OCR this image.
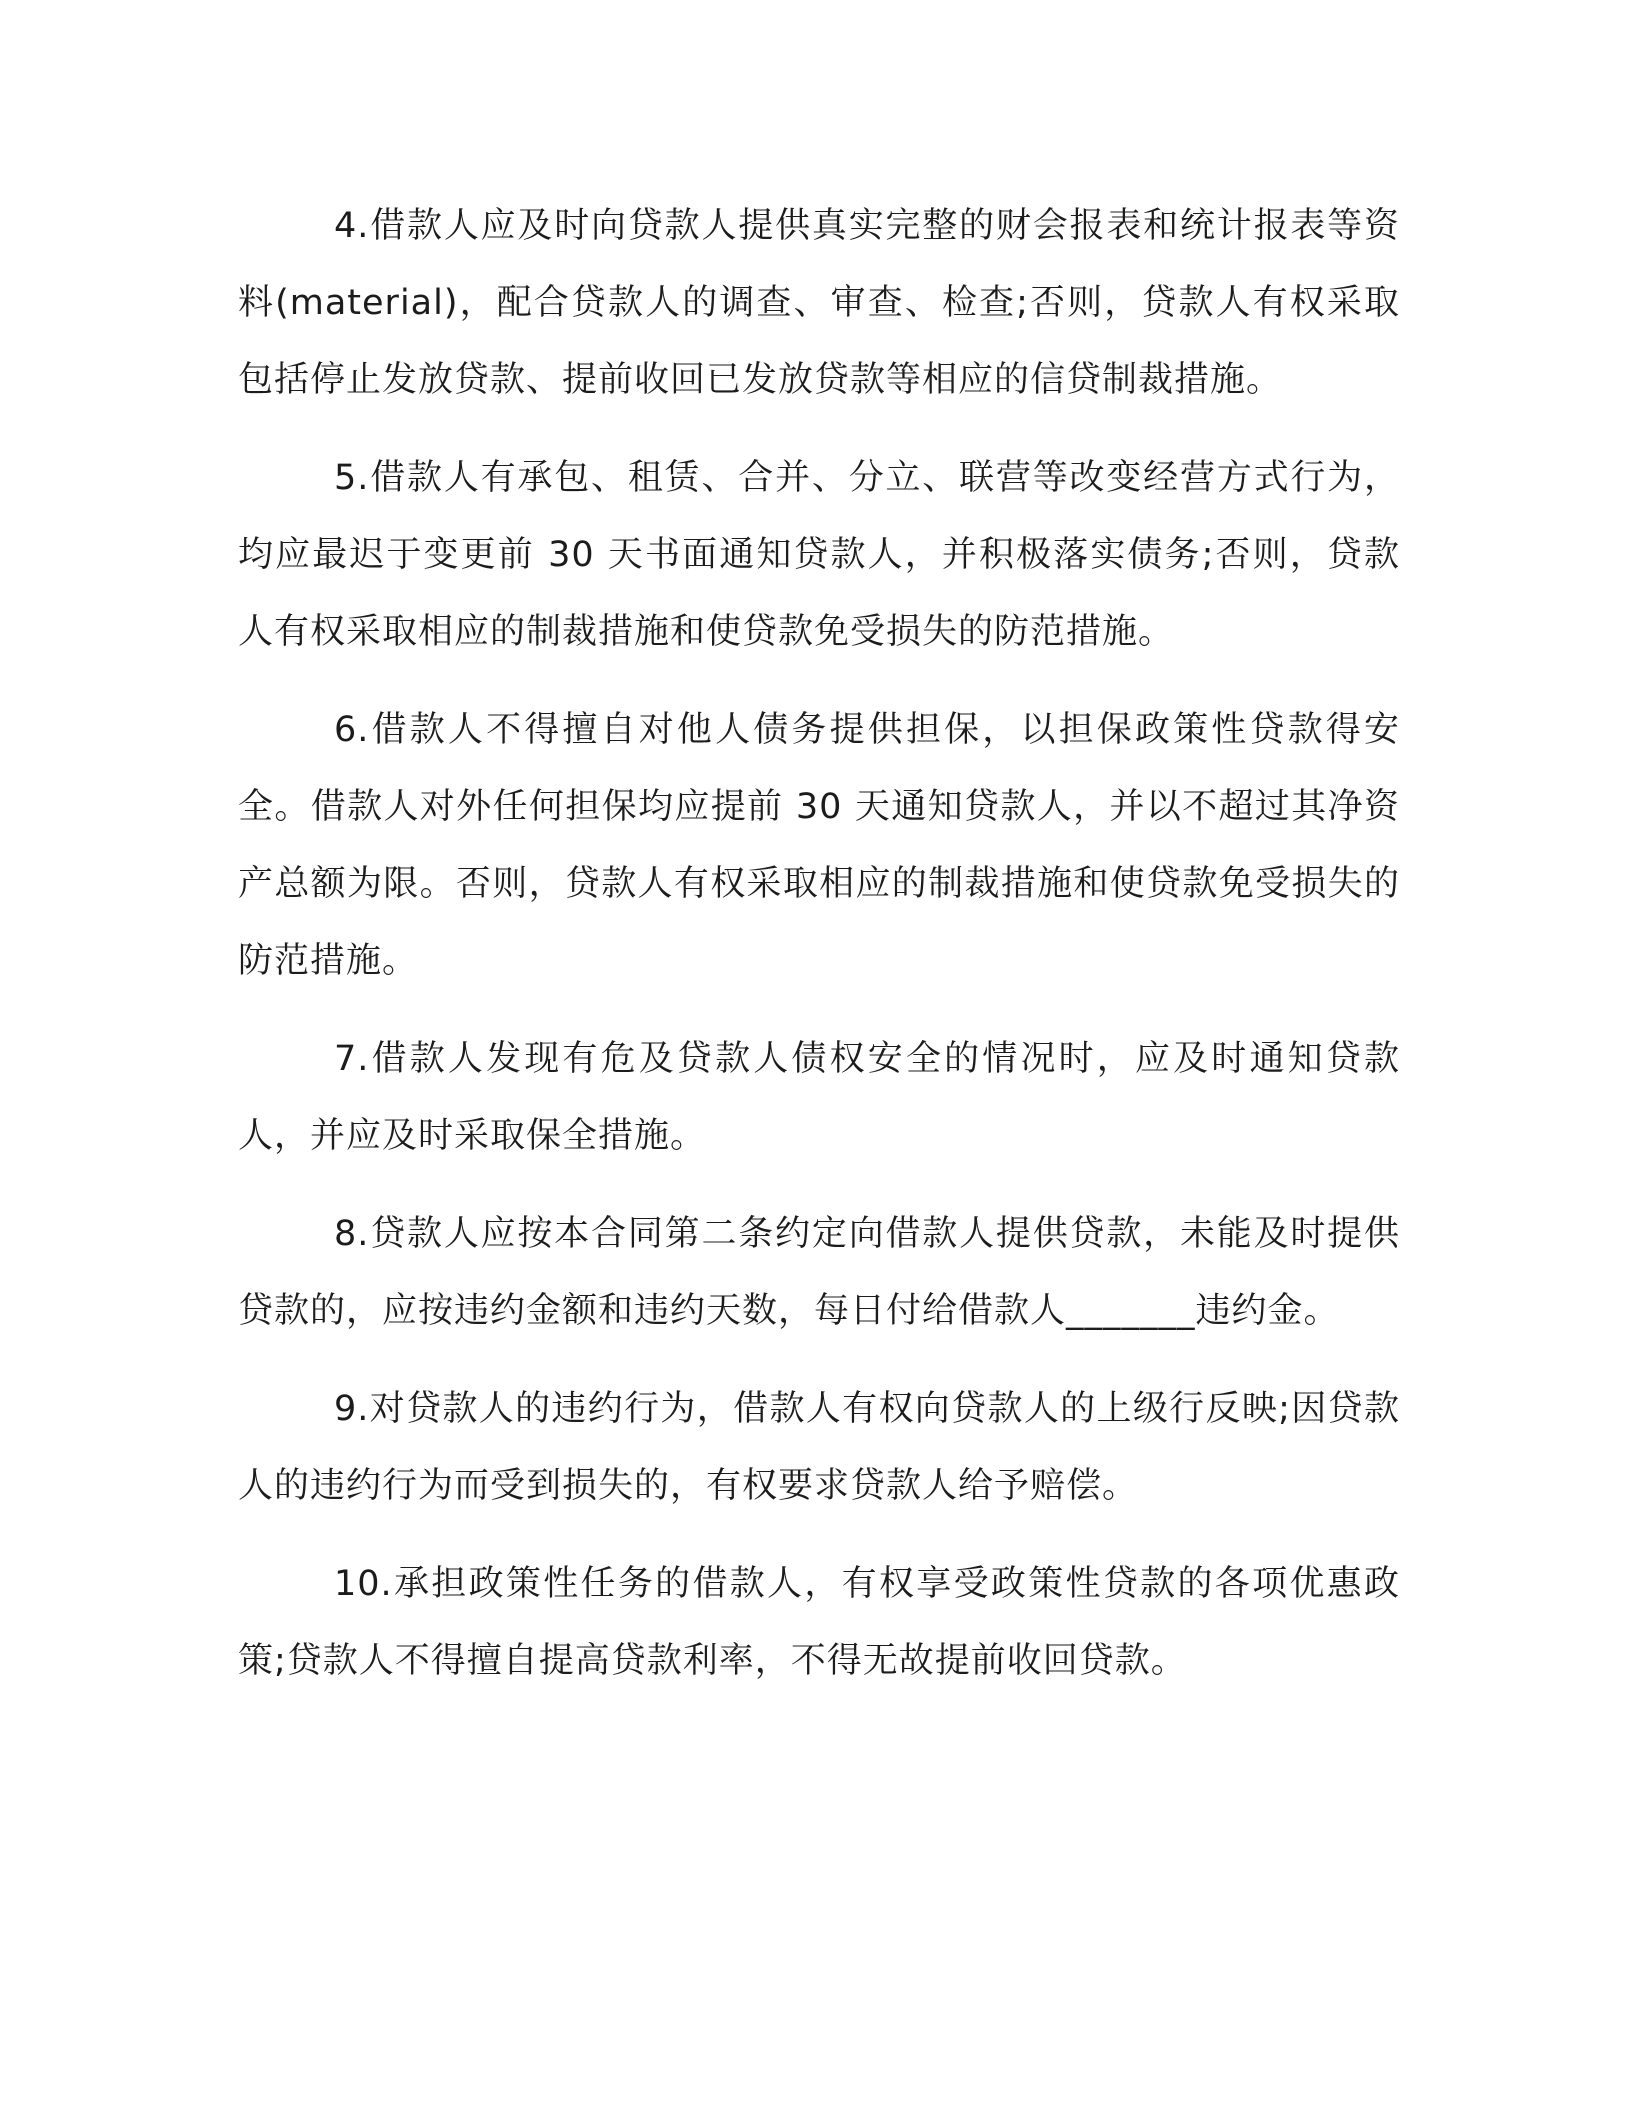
4.借款人应及时向贷款人提供真实完整的财会报表和统计报表等资料(material)，配合贷款人的调查、审查、检查;否则，贷款人有权采取包括停止发放贷款、提前收回已发放贷款等相应的信贷制裁措施。

5.借款人有承包、租赁、合并、分立、联营等改变经营方式行为，均应最迟于变更前 30 天书面通知贷款人，并积极落实债务;否则，贷款人有权采取相应的制裁措施和使贷款免受损失的防范措施。

6.借款人不得擅自对他人债务提供担保，以担保政策性贷款得安全。借款人对外任何担保均应提前 30 天通知贷款人，并以不超过其净资产总额为限。否则，贷款人有权采取相应的制裁措施和使贷款免受损失的防范措施。

7.借款人发现有危及贷款人债权安全的情况时，应及时通知贷款人，并应及时采取保全措施。

8.贷款人应按本合同第二条约定向借款人提供贷款，未能及时提供贷款的，应按违约金额和违约天数，每日付给借款人_______违约金。

9.对贷款人的违约行为，借款人有权向贷款人的上级行反映;因贷款人的违约行为而受到损失的，有权要求贷款人给予赔偿。

10.承担政策性任务的借款人，有权享受政策性贷款的各项优惠政策;贷款人不得擅自提高贷款利率，不得无故提前收回贷款。
